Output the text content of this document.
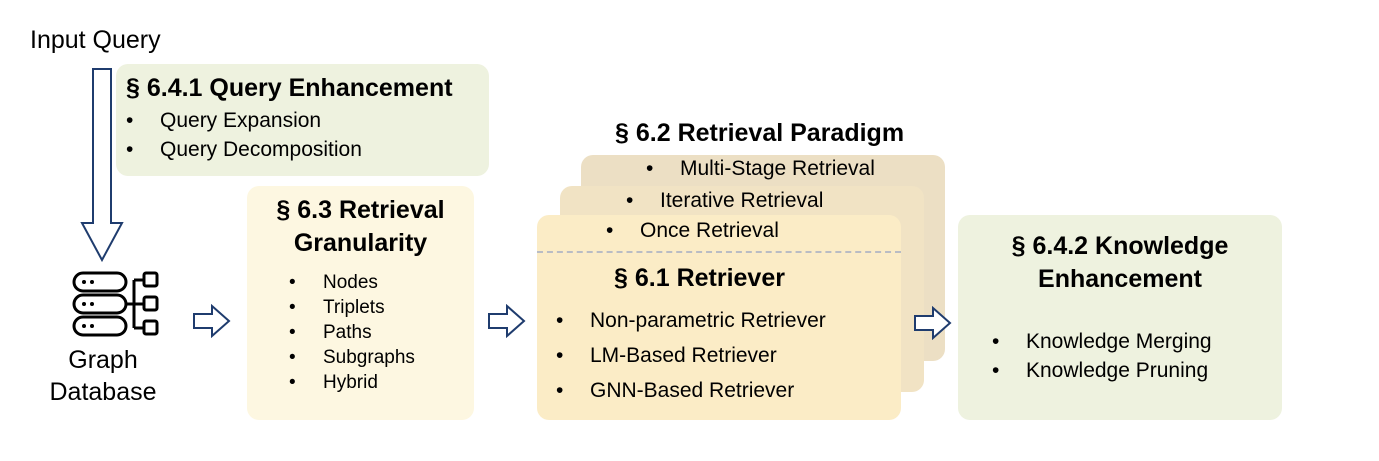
Input Query
§ 6.4.1 Query Enhancement
• Query Expansion
• Query Decomposition
Graph
Database
§ 6.3 Retrieval
Granularity
• Nodes
• Triplets
• Paths
• Subgraphs
• Hybrid
§ 6.2 Retrieval Paradigm
• Multi-Stage Retrieval
• Iterative Retrieval
• Once Retrieval
§ 6.1 Retriever
• Non-parametric Retriever
• LM-Based Retriever
• GNN-Based Retriever
§ 6.4.2 Knowledge
Enhancement
• Knowledge Merging
• Knowledge Pruning
